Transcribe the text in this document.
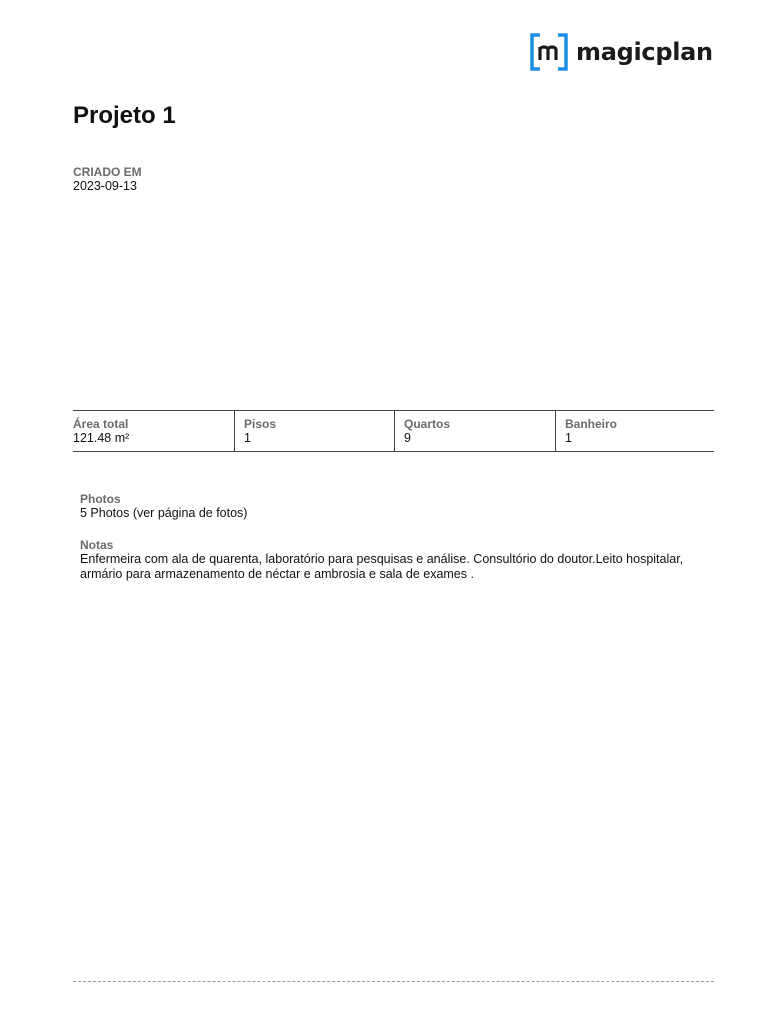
magicplan
Projeto 1
CRIADO EM
2023-09-13
Área total
121.48 m²
Pisos
1
Quartos
9
Banheiro
1
Photos
5 Photos (ver página de fotos)
Notas
Enfermeira com ala de quarenta, laboratório para pesquisas e análise. Consultório do doutor.Leito hospitalar, armário para armazenamento de néctar e ambrosia e sala de exames .
